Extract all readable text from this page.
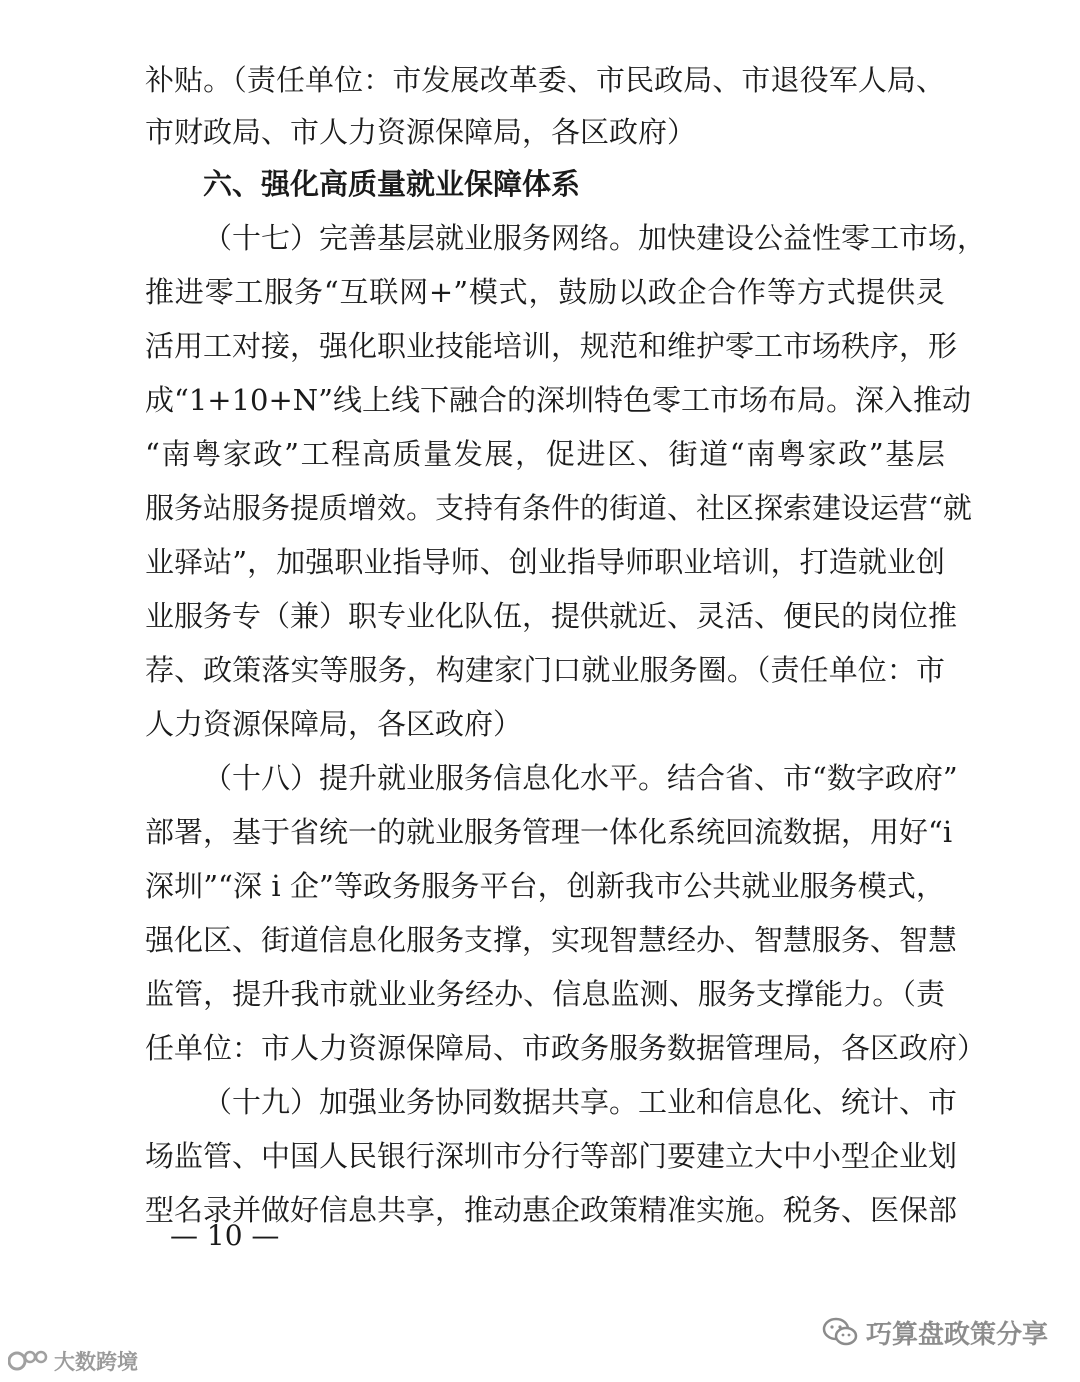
补贴。（责任单位：市发展改革委、市民政局、市退役军人局、
市财政局、市人力资源保障局，各区政府）
六、强化高质量就业保障体系
（十七）完善基层就业服务网络。加快建设公益性零工市场，
推进零工服务“互联网+”模式，鼓励以政企合作等方式提供灵
活用工对接，强化职业技能培训，规范和维护零工市场秩序，形
成“1+10+N”线上线下融合的深圳特色零工市场布局。深入推动
“南粤家政”工程高质量发展，促进区、街道“南粤家政”基层
服务站服务提质增效。支持有条件的街道、社区探索建设运营“就
业驿站”，加强职业指导师、创业指导师职业培训，打造就业创
业服务专（兼）职专业化队伍，提供就近、灵活、便民的岗位推
荐、政策落实等服务，构建家门口就业服务圈。（责任单位：市
人力资源保障局，各区政府）
（十八）提升就业服务信息化水平。结合省、市“数字政府”
部署，基于省统一的就业服务管理一体化系统回流数据，用好“i
深圳”“深 i 企”等政务服务平台，创新我市公共就业服务模式，
强化区、街道信息化服务支撑，实现智慧经办、智慧服务、智慧
监管，提升我市就业业务经办、信息监测、服务支撑能力。（责
任单位：市人力资源保障局、市政务服务数据管理局，各区政府）
（十九）加强业务协同数据共享。工业和信息化、统计、市
场监管、中国人民银行深圳市分行等部门要建立大中小型企业划
型名录并做好信息共享，推动惠企政策精准实施。税务、医保部
— 10 —
大数跨境
巧算盘政策分享
